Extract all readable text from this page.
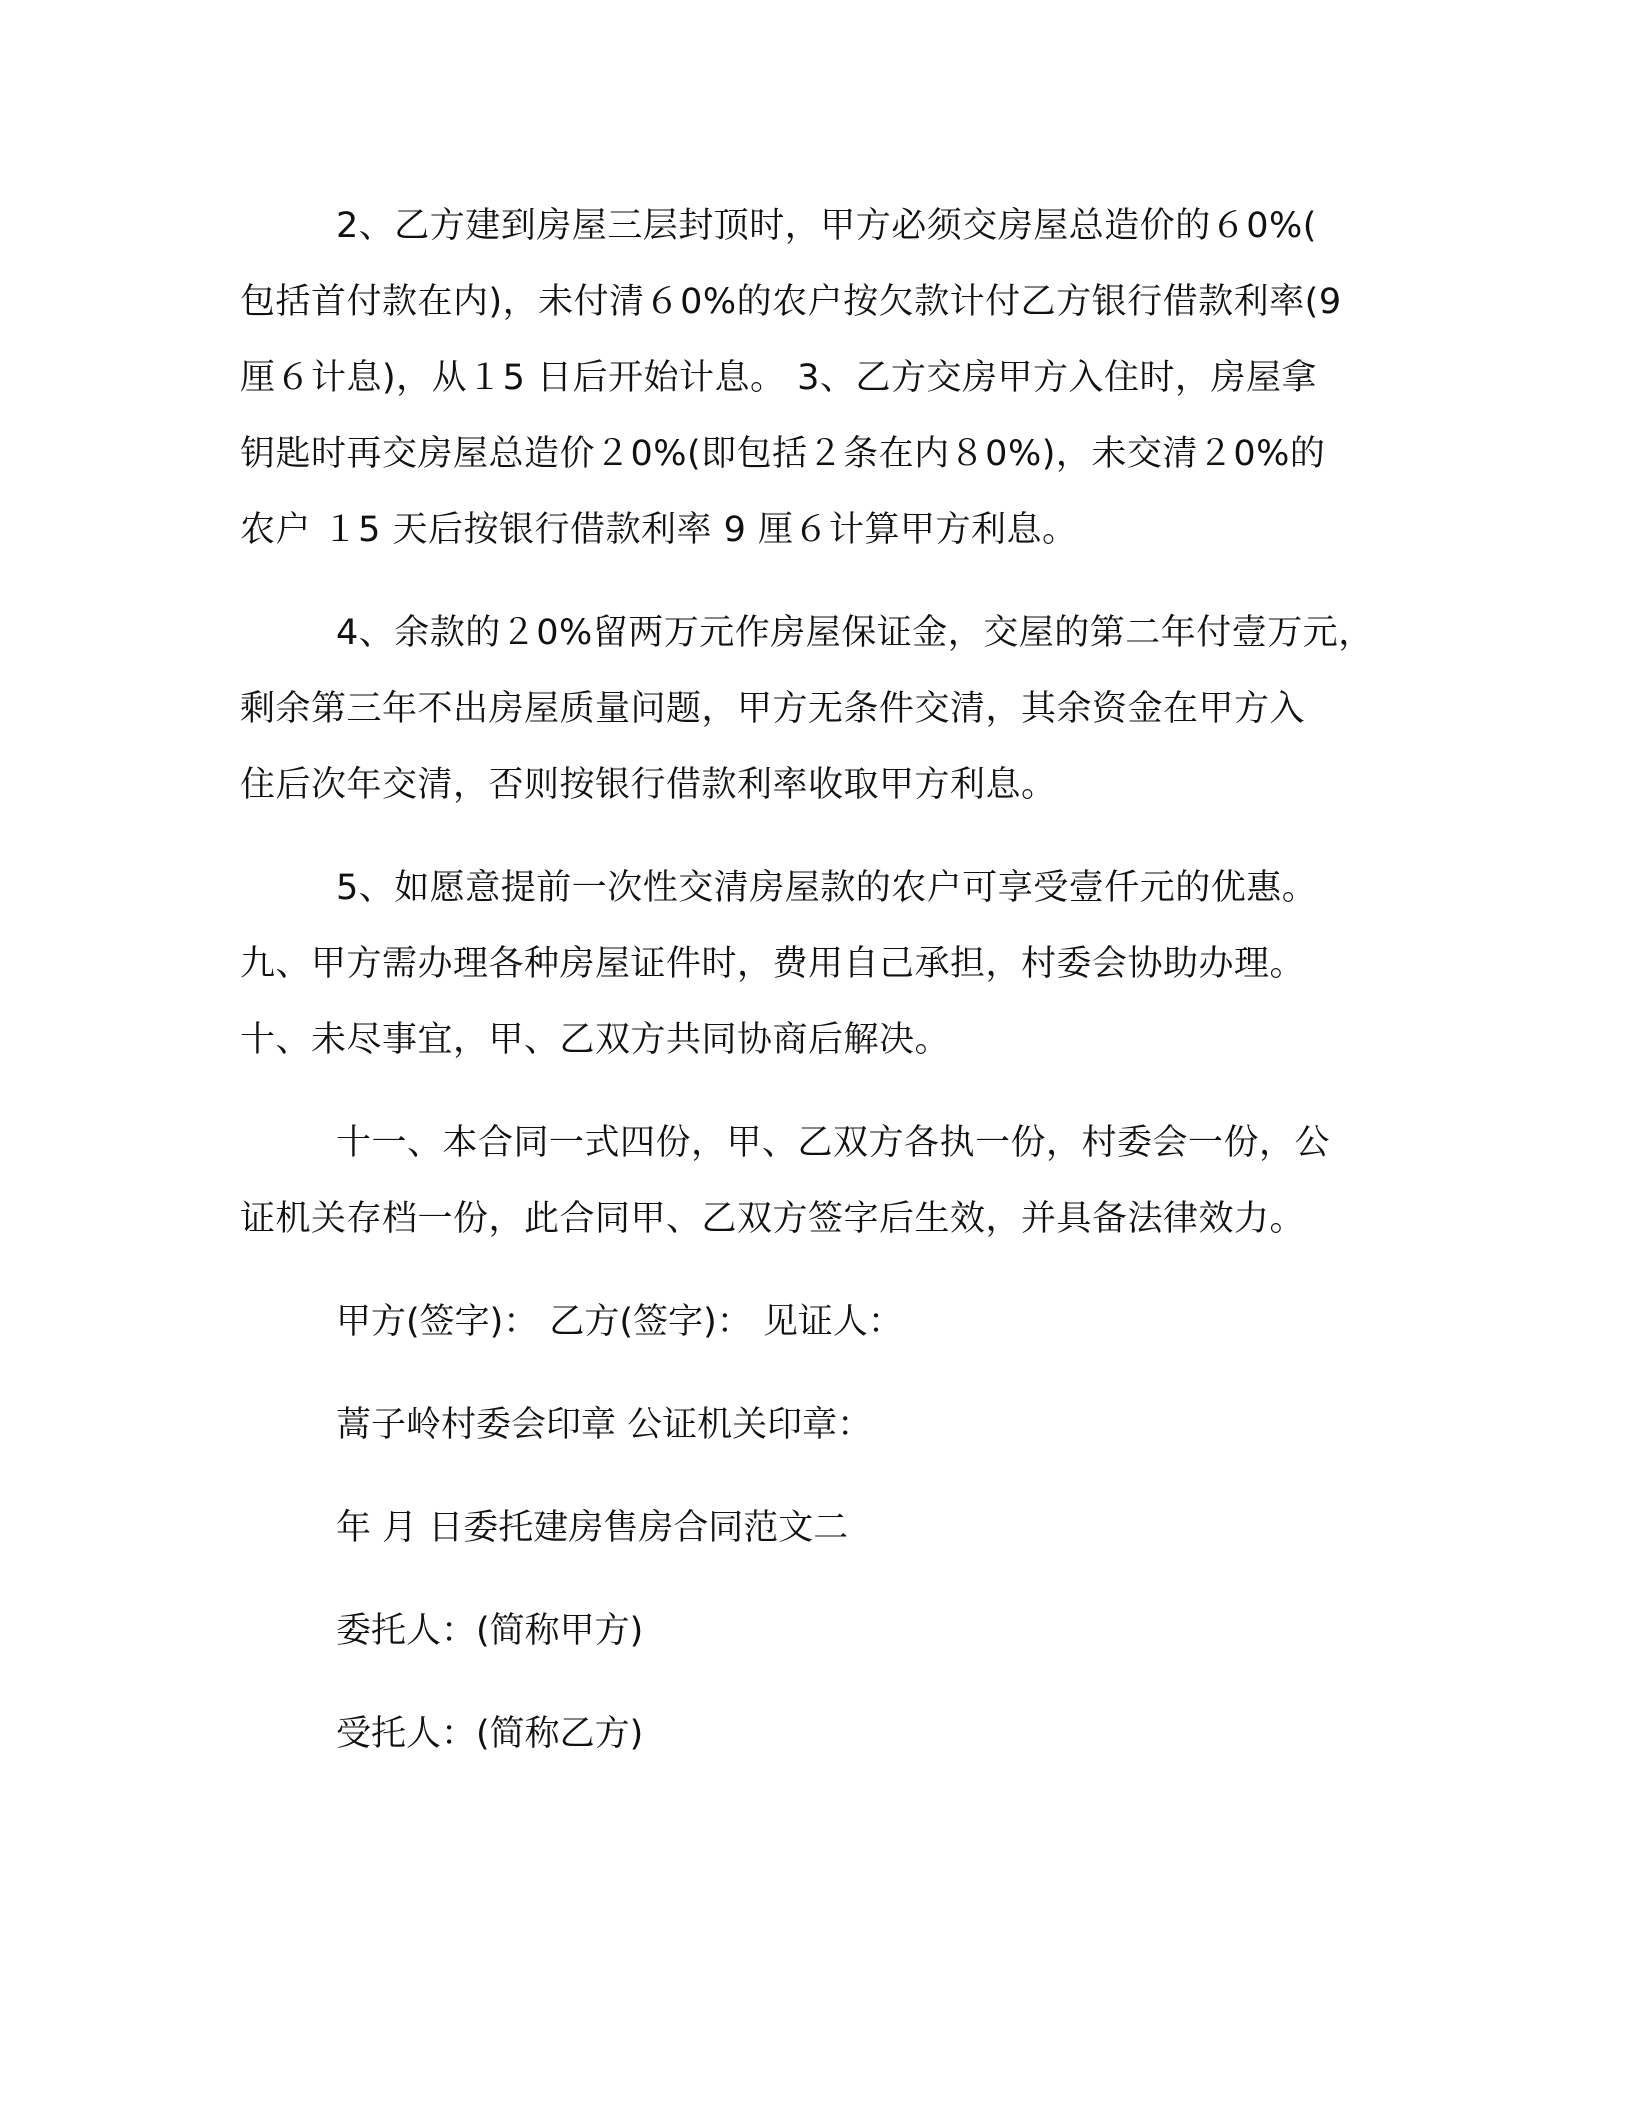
2、乙方建到房屋三层封顶时，甲方必须交房屋总造价的６0%(
包括首付款在内)，未付清６0%的农户按欠款计付乙方银行借款利率(9
厘６计息)，从１5 日后开始计息。 3、乙方交房甲方入住时，房屋拿
钥匙时再交房屋总造价２0%(即包括２条在内８0%)，未交清２0%的
农户 １5 天后按银行借款利率 9 厘６计算甲方利息。

4、余款的２0%留两万元作房屋保证金，交屋的第二年付壹万元，
剩余第三年不出房屋质量问题，甲方无条件交清，其余资金在甲方入
住后次年交清，否则按银行借款利率收取甲方利息。

5、如愿意提前一次性交清房屋款的农户可享受壹仟元的优惠。

九、甲方需办理各种房屋证件时，费用自己承担，村委会协助办理。

十、未尽事宜，甲、乙双方共同协商后解决。

十一、本合同一式四份，甲、乙双方各执一份，村委会一份，公
证机关存档一份，此合同甲、乙双方签字后生效，并具备法律效力。

甲方(签字)： 乙方(签字)： 见证人：

蒿子岭村委会印章 公证机关印章：

年 月 日委托建房售房合同范文二

委托人：(简称甲方)

受托人：(简称乙方)
